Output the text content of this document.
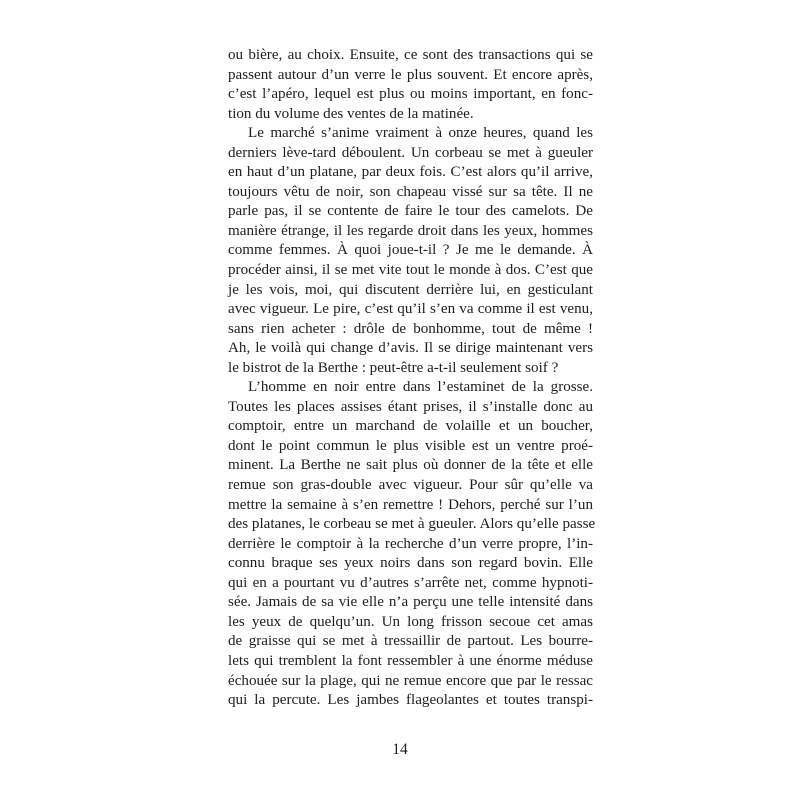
ou bière, au choix. Ensuite, ce sont des transactions qui se
passent autour d’un verre le plus souvent. Et encore après,
c’est l’apéro, lequel est plus ou moins important, en fonc-
tion du volume des ventes de la matinée.
Le marché s’anime vraiment à onze heures, quand les
derniers lève-tard déboulent. Un corbeau se met à gueuler
en haut d’un platane, par deux fois. C’est alors qu’il arrive,
toujours vêtu de noir, son chapeau vissé sur sa tête. Il ne
parle pas, il se contente de faire le tour des camelots. De
manière étrange, il les regarde droit dans les yeux, hommes
comme femmes. À quoi joue-t-il ? Je me le demande. À
procéder ainsi, il se met vite tout le monde à dos. C’est que
je les vois, moi, qui discutent derrière lui, en gesticulant
avec vigueur. Le pire, c’est qu’il s’en va comme il est venu,
sans rien acheter : drôle de bonhomme, tout de même !
Ah, le voilà qui change d’avis. Il se dirige maintenant vers
le bistrot de la Berthe : peut-être a-t-il seulement soif ?
L’homme en noir entre dans l’estaminet de la grosse.
Toutes les places assises étant prises, il s’installe donc au
comptoir, entre un marchand de volaille et un boucher,
dont le point commun le plus visible est un ventre proé-
minent. La Berthe ne sait plus où donner de la tête et elle
remue son gras-double avec vigueur. Pour sûr qu’elle va
mettre la semaine à s’en remettre ! Dehors, perché sur l’un
des platanes, le corbeau se met à gueuler. Alors qu’elle passe
derrière le comptoir à la recherche d’un verre propre, l’in-
connu braque ses yeux noirs dans son regard bovin. Elle
qui en a pourtant vu d’autres s’arrête net, comme hypnoti-
sée. Jamais de sa vie elle n’a perçu une telle intensité dans
les yeux de quelqu’un. Un long frisson secoue cet amas
de graisse qui se met à tressaillir de partout. Les bourre-
lets qui tremblent la font ressembler à une énorme méduse
échouée sur la plage, qui ne remue encore que par le ressac
qui la percute. Les jambes flageolantes et toutes transpi-
14
